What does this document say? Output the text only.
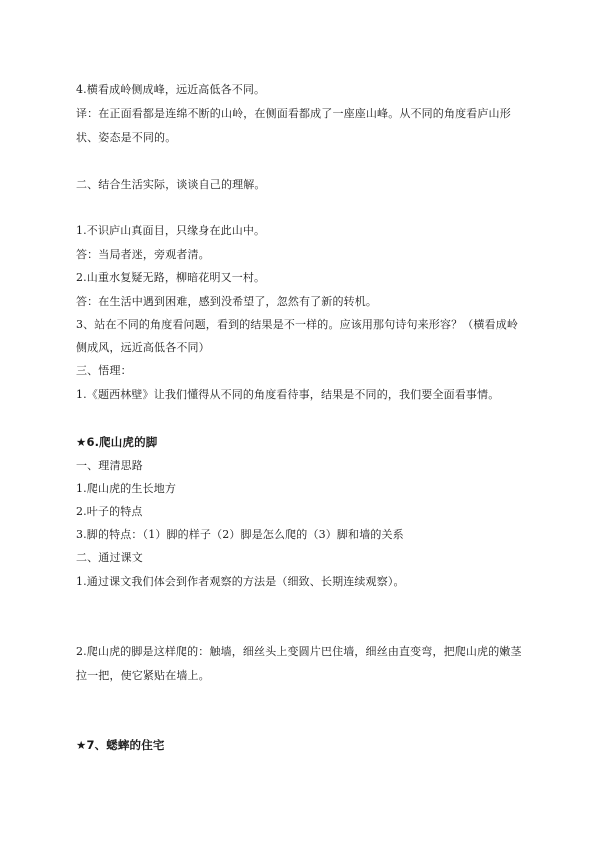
4.横看成岭侧成峰，远近高低各不同。
译：在正面看都是连绵不断的山岭，在侧面看都成了一座座山峰。从不同的角度看庐山形
状、姿态是不同的。
二、结合生活实际，谈谈自己的理解。
1.不识庐山真面目，只缘身在此山中。
答：当局者迷，旁观者清。
2.山重水复疑无路，柳暗花明又一村。
答：在生活中遇到困难，感到没希望了，忽然有了新的转机。
3、站在不同的角度看问题，看到的结果是不一样的。应该用那句诗句来形容？（横看成岭
侧成风，远近高低各不同）
三、悟理：
1.《题西林壁》让我们懂得从不同的角度看待事，结果是不同的，我们要全面看事情。
★6.爬山虎的脚
一、理清思路
1.爬山虎的生长地方
2.叶子的特点
3.脚的特点：（1）脚的样子（2）脚是怎么爬的（3）脚和墙的关系
二、通过课文
1.通过课文我们体会到作者观察的方法是（细致、长期连续观察）。
2.爬山虎的脚是这样爬的：触墙，细丝头上变圆片巴住墙，细丝由直变弯，把爬山虎的嫩茎
拉一把，使它紧贴在墙上。
★7、蟋蟀的住宅
